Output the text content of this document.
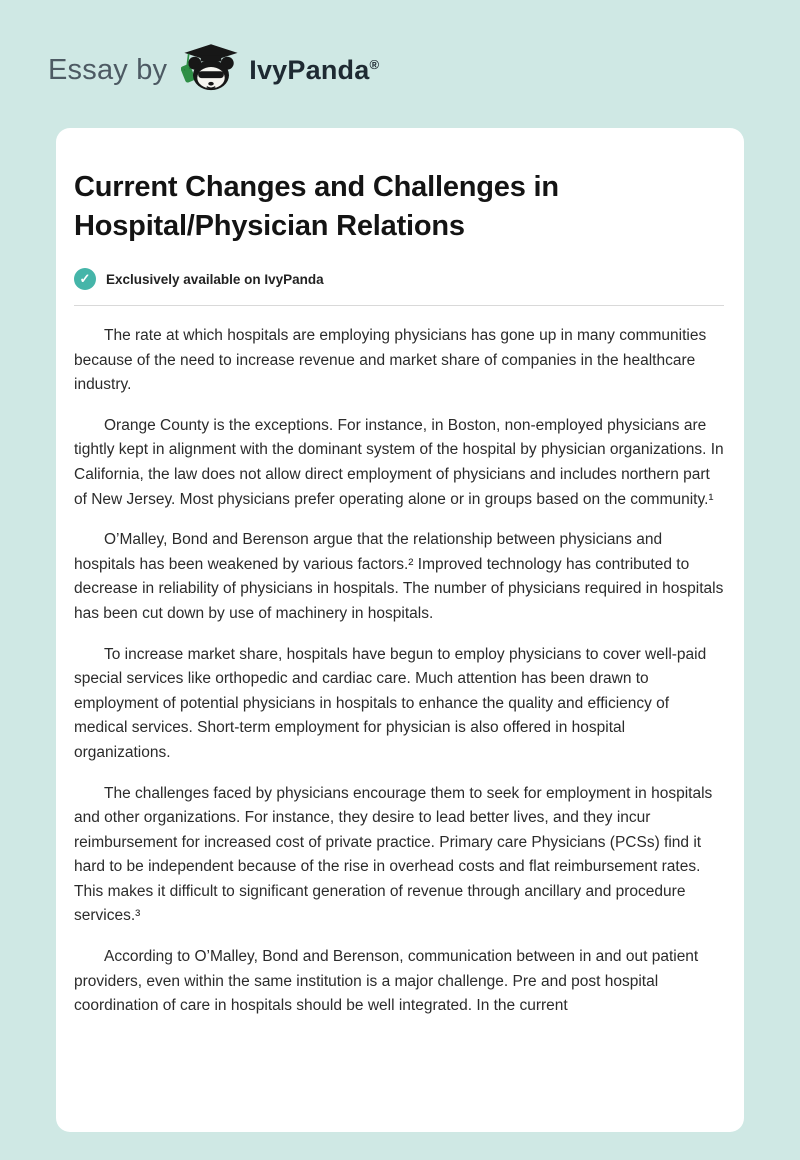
Essay by	IvyPanda®
Current Changes and Challenges in Hospital/Physician Relations
✓	Exclusively available on IvyPanda

The rate at which hospitals are employing physicians has gone up in many communities because of the need to increase revenue and market share of companies in the healthcare industry.

Orange County is the exceptions. For instance, in Boston, non-employed physicians are tightly kept in alignment with the dominant system of the hospital by physician organizations. In California, the law does not allow direct employment of physicians and includes northern part of New Jersey. Most physicians prefer operating alone or in groups based on the community.¹

O’Malley, Bond and Berenson argue that the relationship between physicians and hospitals has been weakened by various factors.² Improved technology has contributed to decrease in reliability of physicians in hospitals. The number of physicians required in hospitals has been cut down by use of machinery in hospitals.

To increase market share, hospitals have begun to employ physicians to cover well-paid special services like orthopedic and cardiac care. Much attention has been drawn to employment of potential physicians in hospitals to enhance the quality and efficiency of medical services. Short-term employment for physician is also offered in hospital organizations.

The challenges faced by physicians encourage them to seek for employment in hospitals and other organizations. For instance, they desire to lead better lives, and they incur reimbursement for increased cost of private practice. Primary care Physicians (PCSs) find it hard to be independent because of the rise in overhead costs and flat reimbursement rates. This makes it difficult to significant generation of revenue through ancillary and procedure services.³

According to O’Malley, Bond and Berenson, communication between in and out patient providers, even within the same institution is a major challenge. Pre and post hospital coordination of care in hospitals should be well integrated. In the current
